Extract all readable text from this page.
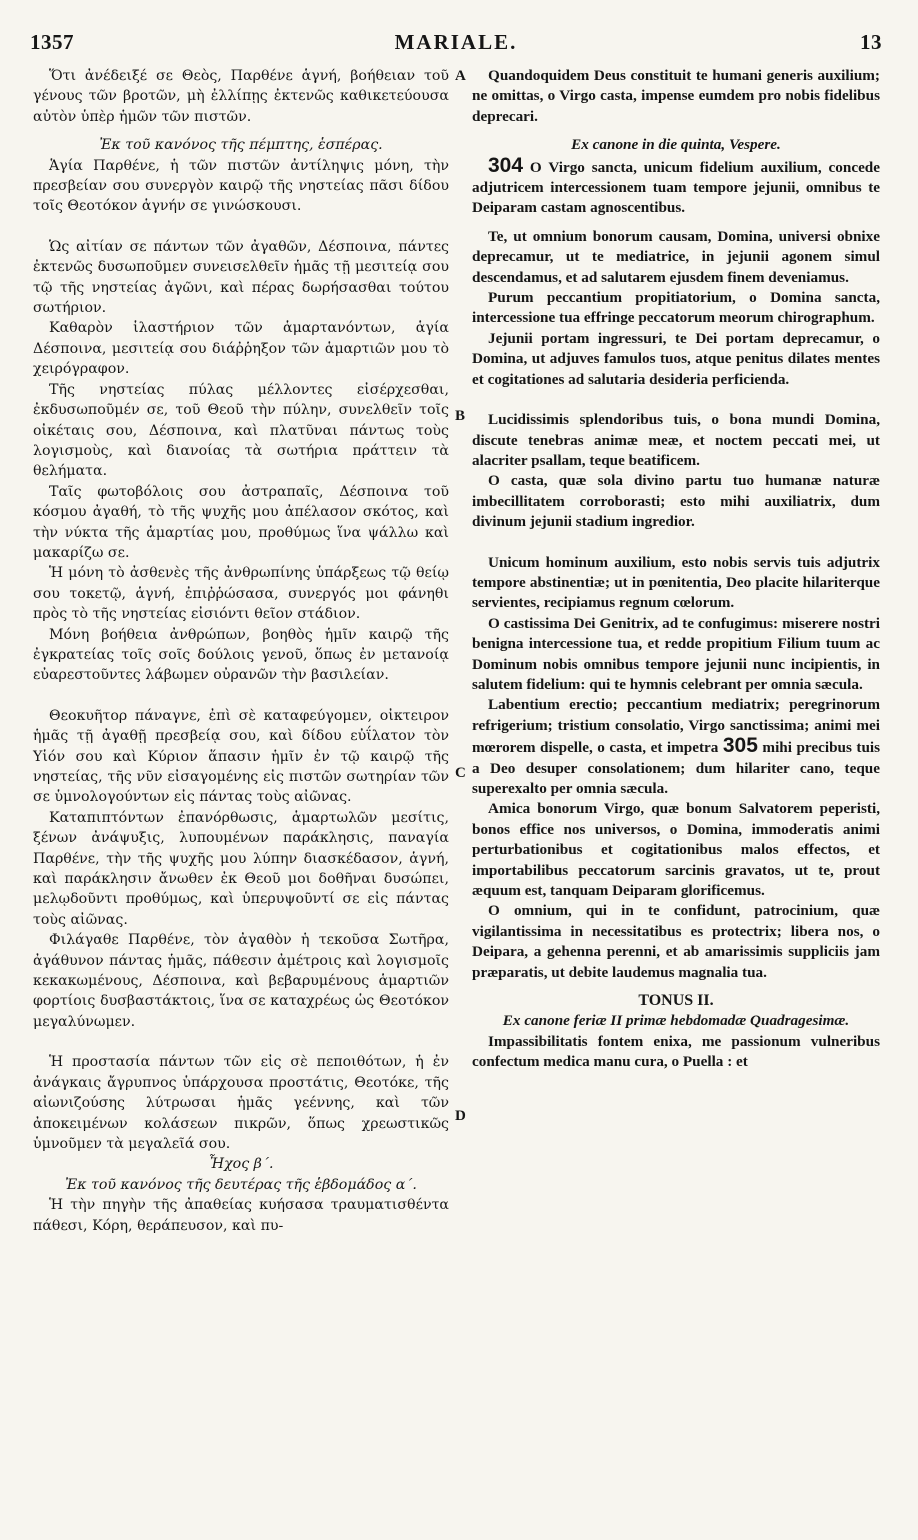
1357	MARIALE.	13
A
B
C
D

Ὅτι ἀνέδειξέ σε Θεὸς, Παρθένε ἁγνή, βοήθειαν τοῦ γένους τῶν βροτῶν, μὴ ἐλλίπῃς ἐκτενῶς καθικετεύουσα αὐτὸν ὑπὲρ ἡμῶν τῶν πιστῶν.

Ἐκ τοῦ κανόνος τῆς πέμπτης, ἑσπέρας.

Ἁγία Παρθένε, ἡ τῶν πιστῶν ἀντίληψις μόνη, τὴν πρεσβείαν σου συνεργὸν καιρῷ τῆς νηστείας πᾶσι δίδου τοῖς Θεοτόκον ἁγνήν σε γινώσκουσι.

Ὡς αἰτίαν σε πάντων τῶν ἀγαθῶν, Δέσποινα, πάντες ἐκτενῶς δυσωποῦμεν συνεισελθεῖν ἡμᾶς τῇ μεσιτείᾳ σου τῷ τῆς νηστείας ἀγῶνι, καὶ πέρας δωρήσασθαι τούτου σωτήριον.

Καθαρὸν ἱλαστήριον τῶν ἁμαρτανόντων, ἁγία Δέσποινα, μεσιτείᾳ σου διάῤῥηξον τῶν ἁμαρτιῶν μου τὸ χειρόγραφον.

Τῆς νηστείας πύλας μέλλοντες εἰσέρχεσθαι, ἐκδυσωποῦμέν σε, τοῦ Θεοῦ τὴν πύλην, συνελθεῖν τοῖς οἰκέταις σου, Δέσποινα, καὶ πλατῦναι πάντως τοὺς λογισμοὺς, καὶ διανοίας τὰ σωτήρια πράττειν τὰ θελήματα.

Ταῖς φωτοβόλοις σου ἀστραπαῖς, Δέσποινα τοῦ κόσμου ἀγαθή, τὸ τῆς ψυχῆς μου ἀπέλασον σκότος, καὶ τὴν νύκτα τῆς ἁμαρτίας μου, προθύμως ἵνα ψάλλω καὶ μακαρίζω σε.

Ἡ μόνη τὸ ἀσθενὲς τῆς ἀνθρωπίνης ὑπάρξεως τῷ θείῳ σου τοκετῷ, ἁγνή, ἐπιῤῥώσασα, συνεργός μοι φάνηθι πρὸς τὸ τῆς νηστείας εἰσιόντι θεῖον στάδιον.

Μόνη βοήθεια ἀνθρώπων, βοηθὸς ἡμῖν καιρῷ τῆς ἐγκρατείας τοῖς σοῖς δούλοις γενοῦ, ὅπως ἐν μετανοίᾳ εὐαρεστοῦντες λάβωμεν οὐρανῶν τὴν βασιλείαν.

Θεοκυῆτορ πάναγνε, ἐπὶ σὲ καταφεύγομεν, οἰκτειρον ἡμᾶς τῇ ἀγαθῇ πρεσβείᾳ σου, καὶ δίδου εὐΐλατον τὸν Υἱόν σου καὶ Κύριον ἅπασιν ἡμῖν ἐν τῷ καιρῷ τῆς νηστείας, τῆς νῦν εἰσαγομένης εἰς πιστῶν σωτηρίαν τῶν σε ὑμνολογούντων εἰς πάντας τοὺς αἰῶνας.

Καταπιπτόντων ἐπανόρθωσις, ἁμαρτωλῶν μεσίτις, ξένων ἀνάψυξις, λυπουμένων παράκλησις, παναγία Παρθένε, τὴν τῆς ψυχῆς μου λύπην διασκέδασον, ἁγνή, καὶ παράκλησιν ἄνωθεν ἐκ Θεοῦ μοι δοθῆναι δυσώπει, μελῳδοῦντι προθύμως, καὶ ὑπερυψοῦντί σε εἰς πάντας τοὺς αἰῶνας.

Φιλάγαθε Παρθένε, τὸν ἀγαθὸν ἡ τεκοῦσα Σωτῆρα, ἀγάθυνον πάντας ἡμᾶς, πάθεσιν ἀμέτροις καὶ λογισμοῖς κεκακωμένους, Δέσποινα, καὶ βεβαρυμένους ἁμαρτιῶν φορτίοις δυσβαστάκτοις, ἵνα σε καταχρέως ὡς Θεοτόκον μεγαλύνωμεν.

Ἡ προστασία πάντων τῶν εἰς σὲ πεποιθότων, ἡ ἐν ἀνάγκαις ἄγρυπνος ὑπάρχουσα προστάτις, Θεοτόκε, τῆς αἰωνιζούσης λύτρωσαι ἡμᾶς γεέννης, καὶ τῶν ἀποκειμένων κολάσεων πικρῶν, ὅπως χρεωστικῶς ὑμνοῦμεν τὰ μεγαλεῖά σου.

Ἦχος β΄.

Ἐκ τοῦ κανόνος τῆς δευτέρας τῆς ἑβδομάδος α΄.

Ἡ τὴν πηγὴν τῆς ἀπαθείας κυήσασα τραυματισθέντα πάθεσι, Κόρη, θεράπευσον, καὶ πυ-

Quandoquidem Deus constituit te humani generis auxilium; ne omittas, o Virgo casta, impense eumdem pro nobis fidelibus deprecari.

Ex canone in die quinta, Vespere.

304 O Virgo sancta, unicum fidelium auxilium, concede adjutricem intercessionem tuam tempore jejunii, omnibus te Deiparam castam agnoscentibus.

Te, ut omnium bonorum causam, Domina, universi obnixe deprecamur, ut te mediatrice, in jejunii agonem simul descendamus, et ad salutarem ejusdem finem deveniamus.

Purum peccantium propitiatorium, o Domina sancta, intercessione tua effringe peccatorum meorum chirographum.

Jejunii portam ingressuri, te Dei portam deprecamur, o Domina, ut adjuves famulos tuos, atque penitus dilates mentes et cogitationes ad salutaria desideria perficienda.

Lucidissimis splendoribus tuis, o bona mundi Domina, discute tenebras animæ meæ, et noctem peccati mei, ut alacriter psallam, teque beatificem.

O casta, quæ sola divino partu tuo humanæ naturæ imbecillitatem corroborasti; esto mihi auxiliatrix, dum divinum jejunii stadium ingredior.

Unicum hominum auxilium, esto nobis servis tuis adjutrix tempore abstinentiæ; ut in pœnitentia, Deo placite hilariterque servientes, recipiamus regnum cœlorum.

O castissima Dei Genitrix, ad te confugimus: miserere nostri benigna intercessione tua, et redde propitium Filium tuum ac Dominum nobis omnibus tempore jejunii nunc incipientis, in salutem fidelium: qui te hymnis celebrant per omnia sæcula.

Labentium erectio; peccantium mediatrix; peregrinorum refrigerium; tristium consolatio, Virgo sanctissima; animi mei mœrorem dispelle, o casta, et impetra 305 mihi precibus tuis a Deo desuper consolationem; dum hilariter cano, teque superexalto per omnia sæcula.

Amica bonorum Virgo, quæ bonum Salvatorem peperisti, bonos effice nos universos, o Domina, immoderatis animi perturbationibus et cogitationibus malos effectos, et importabilibus peccatorum sarcinis gravatos, ut te, prout æquum est, tanquam Deiparam glorificemus.

O omnium, qui in te confidunt, patrocinium, quæ vigilantissima in necessitatibus es protectrix; libera nos, o Deipara, a gehenna perenni, et ab amarissimis suppliciis jam præparatis, ut debite laudemus magnalia tua.

TONUS II.

Ex canone feriæ II primæ hebdomadæ Quadragesimæ.

Impassibilitatis fontem enixa, me passionum vulneribus confectum medica manu cura, o Puella : et
